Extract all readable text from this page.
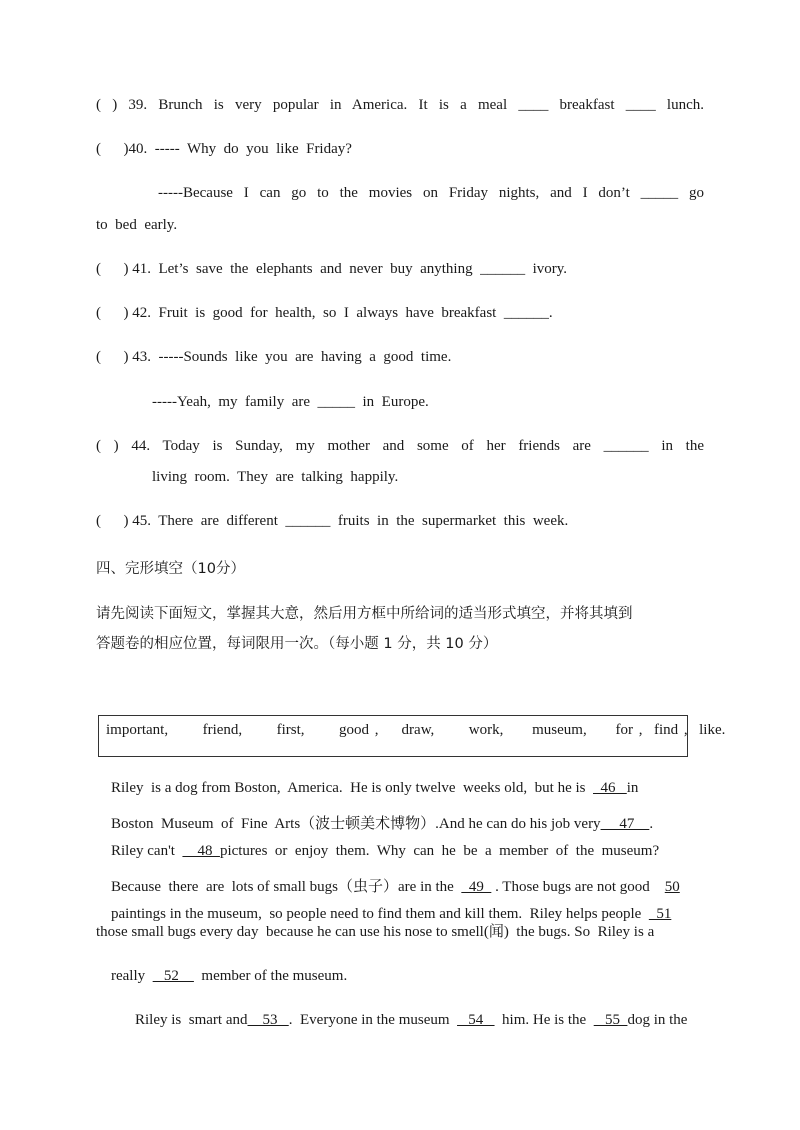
( ) 39. Brunch is very popular in America. It is a meal ____ breakfast ____ lunch.
(      )40.  -----  Why  do  you  like  Friday?
-----Because I can go to the movies on Friday nights, and I don’t _____ go
to  bed  early.
(      ) 41.  Let’s  save  the  elephants  and  never  buy  anything  ______  ivory.
(      ) 42.  Fruit  is  good  for  health,  so  I  always  have  breakfast  ______.
(      ) 43.  -----Sounds  like  you  are  having  a  good  time.
-----Yeah,  my  family  are  _____  in  Europe.
( ) 44. Today is Sunday, my mother and some of her friends are ______ in the
living  room.  They  are  talking  happily.
(      ) 45.  There  are  different  ______  fruits  in  the  supermarket  this  week.
四、完形填空（10分）
请先阅读下面短文，掌握其大意，然后用方框中所给词的适当形式填空，并将其填到
答题卷的相应位置，每词限用一次。（每小题 1 分，共 10 分）
important,      friend,      first,      good ,    draw,      work,     museum,     for ,  find ,  like.

Riley  is a dog from Boston,  America.  He is only twelve  weeks old,  but he is    46   in

Boston  Museum  of  Fine  Arts（波士顿美术博物）.And he can do his job very     47    .

Riley can't      48  pictures  or  enjoy  them.  Why  can  he  be  a  member  of  the  museum?

Because  there  are  lots of small bugs（虫子）are in the    49   . Those bugs are not good    50

paintings in the museum,  so people need to find them and kill them.  Riley helps people    51

those small bugs every day  because he can use his nose to smell(闻)  the bugs. So  Riley is a

really     52      member of the museum.

Riley is  smart and    53   .  Everyone in the museum     54     him. He is the     55  dog in the
